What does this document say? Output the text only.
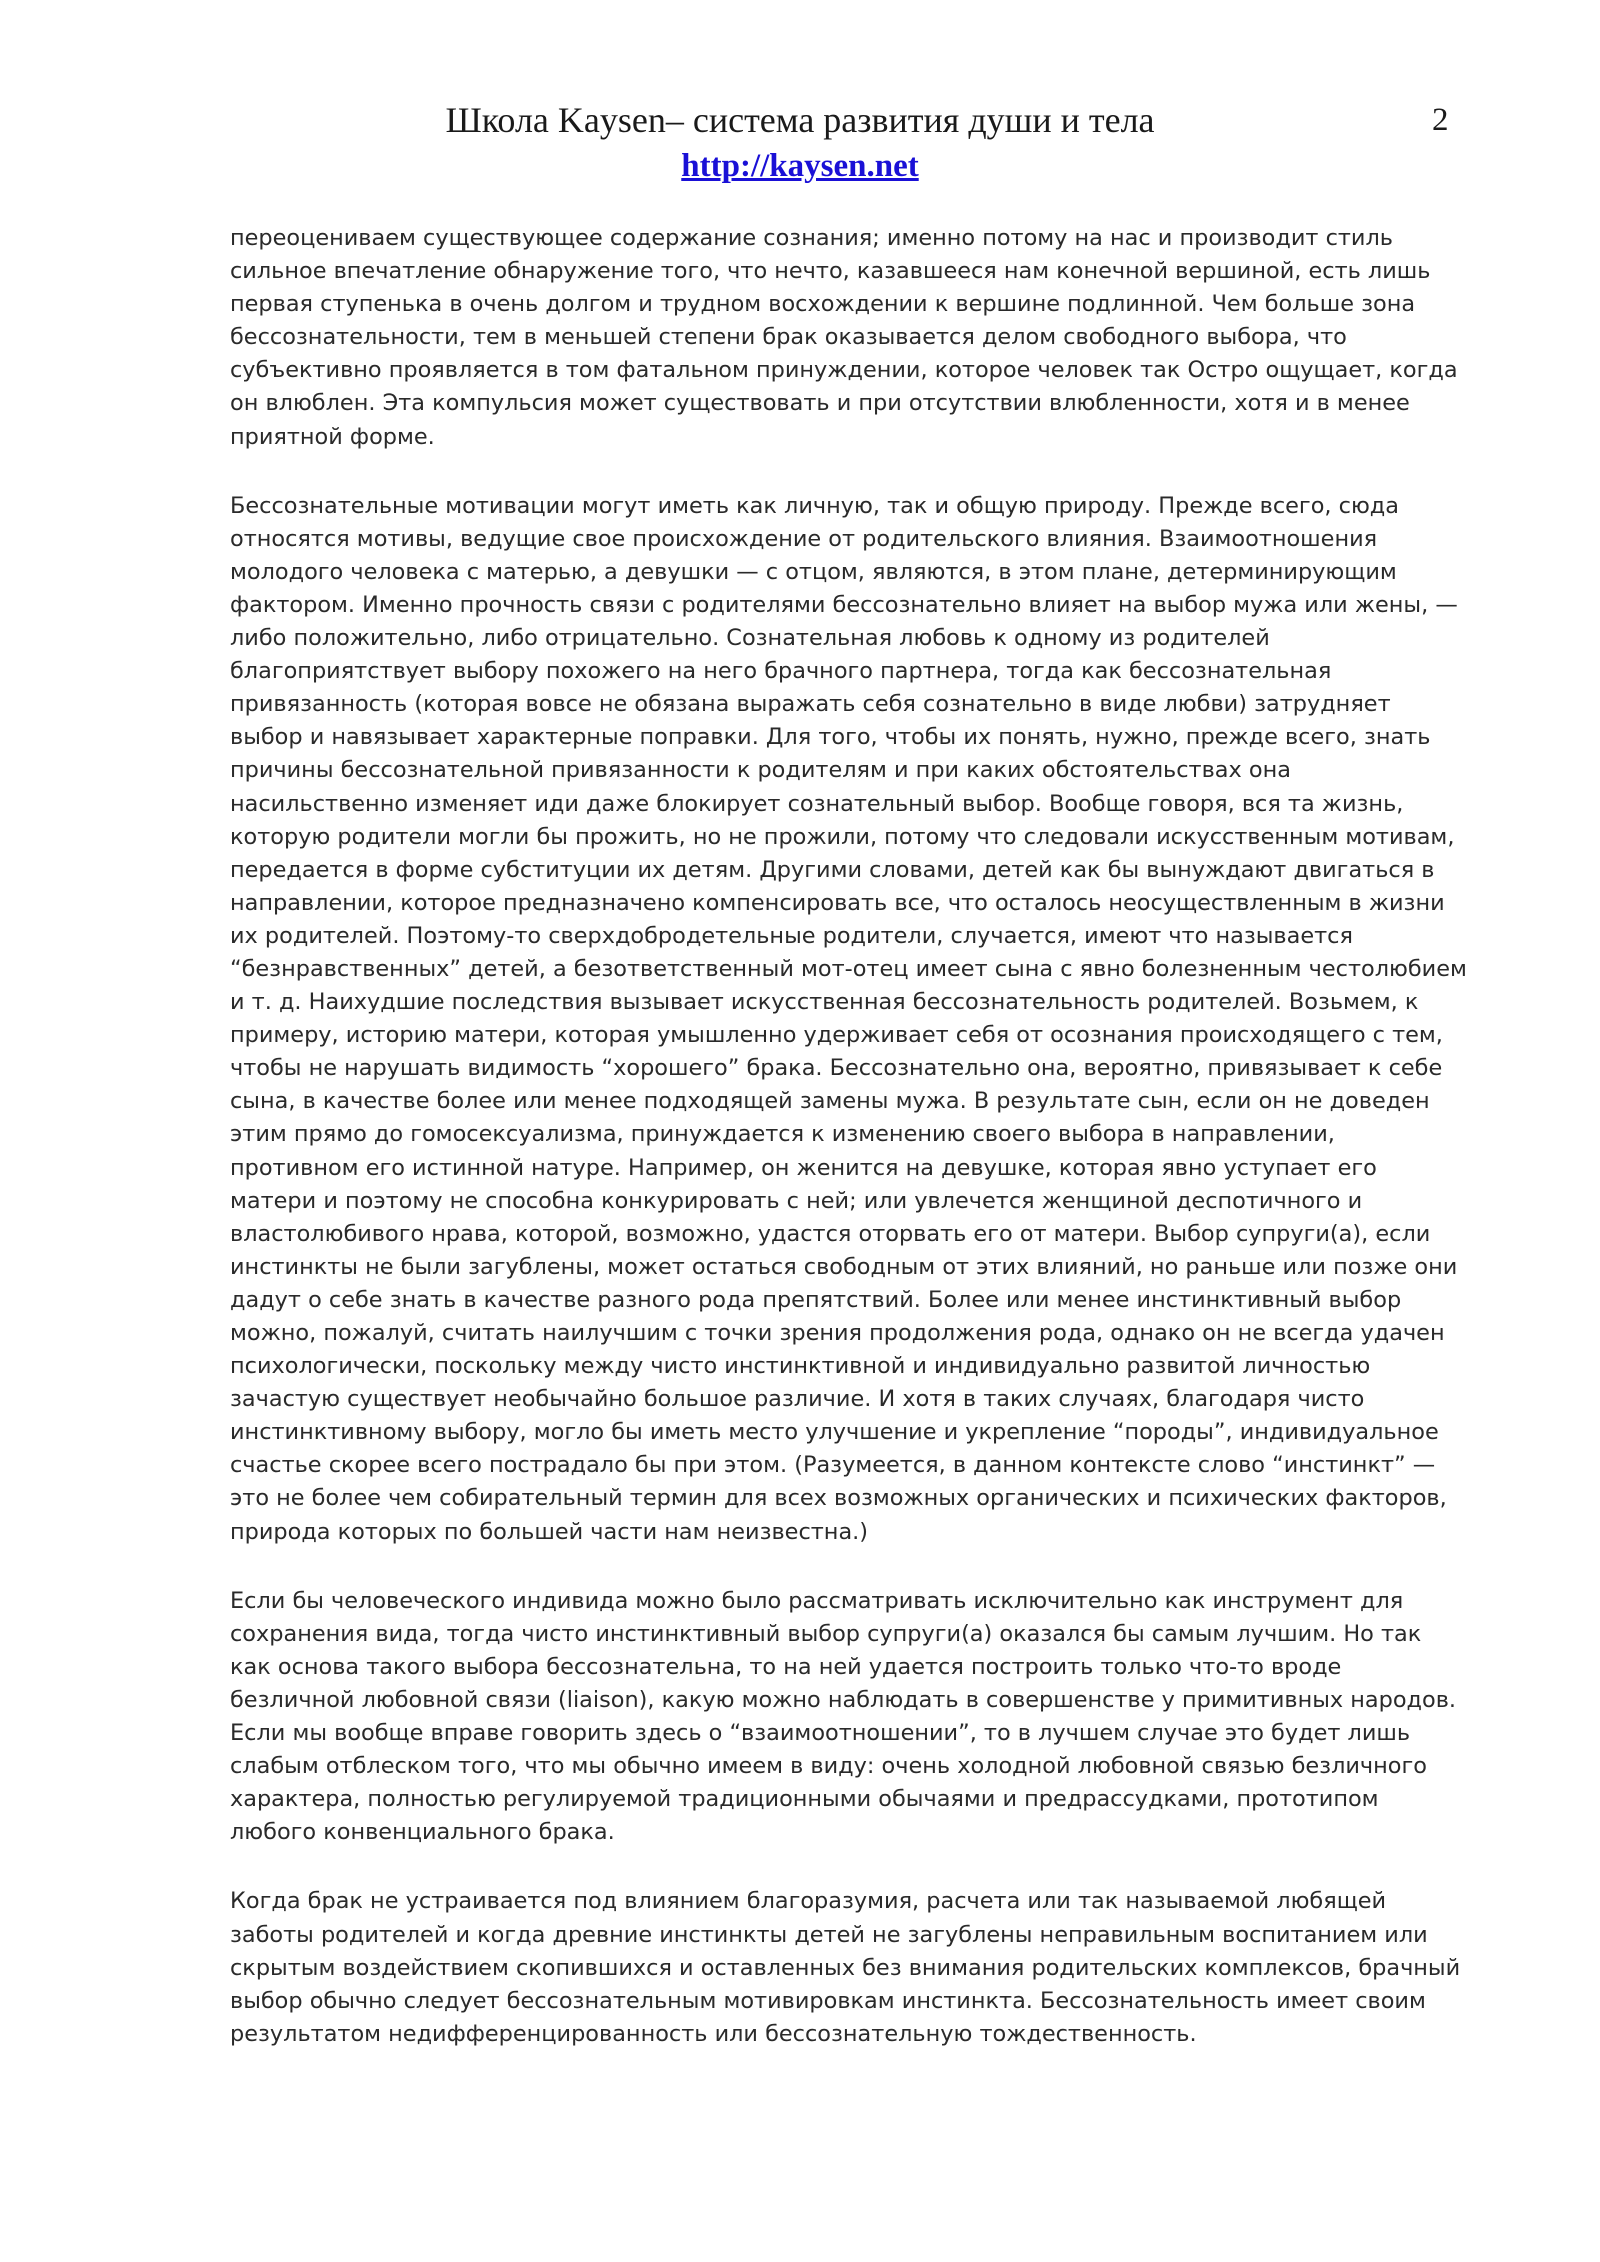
Школа Kaysen– система развития души и тела
http://kaysen.net
2

переоцениваем существующее содержание сознания; именно потому на нас и производит стиль сильное впечатление обнаружение того, что нечто, казавшееся нам конечной вершиной, есть лишь первая ступенька в очень долгом и трудном восхождении к вершине подлинной. Чем больше зона бессознательности, тем в меньшей степени брак оказывается делом свободного выбора, что субъективно проявляется в том фатальном принуждении, которое человек так Остро ощущает, когда он влюблен. Эта компульсия может существовать и при отсутствии влюбленности, хотя и в менее приятной форме.

Бессознательные мотивации могут иметь как личную, так и общую природу. Прежде всего, сюда относятся мотивы, ведущие свое происхождение от родительского влияния. Взаимоотношения молодого человека с матерью, а девушки — с отцом, являются, в этом плане, детерминирующим фактором. Именно прочность связи с родителями бессознательно влияет на выбор мужа или жены, — либо положительно, либо отрицательно. Сознательная любовь к одному из родителей благоприятствует выбору похожего на него брачного партнера, тогда как бессознательная привязанность (которая вовсе не обязана выражать себя сознательно в виде любви) затрудняет выбор и навязывает характерные поправки. Для того, чтобы их понять, нужно, прежде всего, знать причины бессознательной привязанности к родителям и при каких обстоятельствах она насильственно изменяет иди даже блокирует сознательный выбор. Вообще говоря, вся та жизнь, которую родители могли бы прожить, но не прожили, потому что следовали искусственным мотивам, передается в форме субституции их детям. Другими словами, детей как бы вынуждают двигаться в направлении, которое предназначено компенсировать все, что осталось неосуществленным в жизни их родителей. Поэтому-то сверхдобродетельные родители, случается, имеют что называется “безнравственных” детей, а безответственный мот-отец имеет сына с явно болезненным честолюбием и т. д. Наихудшие последствия вызывает искусственная бессознательность родителей. Возьмем, к примеру, историю матери, которая умышленно удерживает себя от осознания происходящего с тем, чтобы не нарушать видимость “хорошего” брака. Бессознательно она, вероятно, привязывает к себе сына, в качестве более или менее подходящей замены мужа. В результате сын, если он не доведен этим прямо до гомосексуализма, принуждается к изменению своего выбора в направлении, противном его истинной натуре. Например, он женится на девушке, которая явно уступает его матери и поэтому не способна конкурировать с ней; или увлечется женщиной деспотичного и властолюбивого нрава, которой, возможно, удастся оторвать его от матери. Выбор супруги(а), если инстинкты не были загублены, может остаться свободным от этих влияний, но раньше или позже они дадут о себе знать в качестве разного рода препятствий. Более или менее инстинктивный выбор можно, пожалуй, считать наилучшим с точки зрения продолжения рода, однако он не всегда удачен психологически, поскольку между чисто инстинктивной и индивидуально развитой личностью зачастую существует необычайно большое различие. И хотя в таких случаях, благодаря чисто инстинктивному выбору, могло бы иметь место улучшение и укрепление “породы”, индивидуальное счастье скорее всего пострадало бы при этом. (Разумеется, в данном контексте слово “инстинкт” — это не более чем собирательный термин для всех возможных органических и психических факторов, природа которых по большей части нам неизвестна.)

Если бы человеческого индивида можно было рассматривать исключительно как инструмент для сохранения вида, тогда чисто инстинктивный выбор супруги(а) оказался бы самым лучшим. Но так как основа такого выбора бессознательна, то на ней удается построить только что-то вроде безличной любовной связи (liaison), какую можно наблюдать в совершенстве у примитивных народов. Если мы вообще вправе говорить здесь о “взаимоотношении”, то в лучшем случае это будет лишь слабым отблеском того, что мы обычно имеем в виду: очень холодной любовной связью безличного характера, полностью регулируемой традиционными обычаями и предрассудками, прототипом любого конвенциального брака.

Когда брак не устраивается под влиянием благоразумия, расчета или так называемой любящей заботы родителей и когда древние инстинкты детей не загублены неправильным воспитанием или скрытым воздействием скопившихся и оставленных без внимания родительских комплексов, брачный выбор обычно следует бессознательным мотивировкам инстинкта. Бессознательность имеет своим результатом недифференцированность или бессознательную тождественность.
